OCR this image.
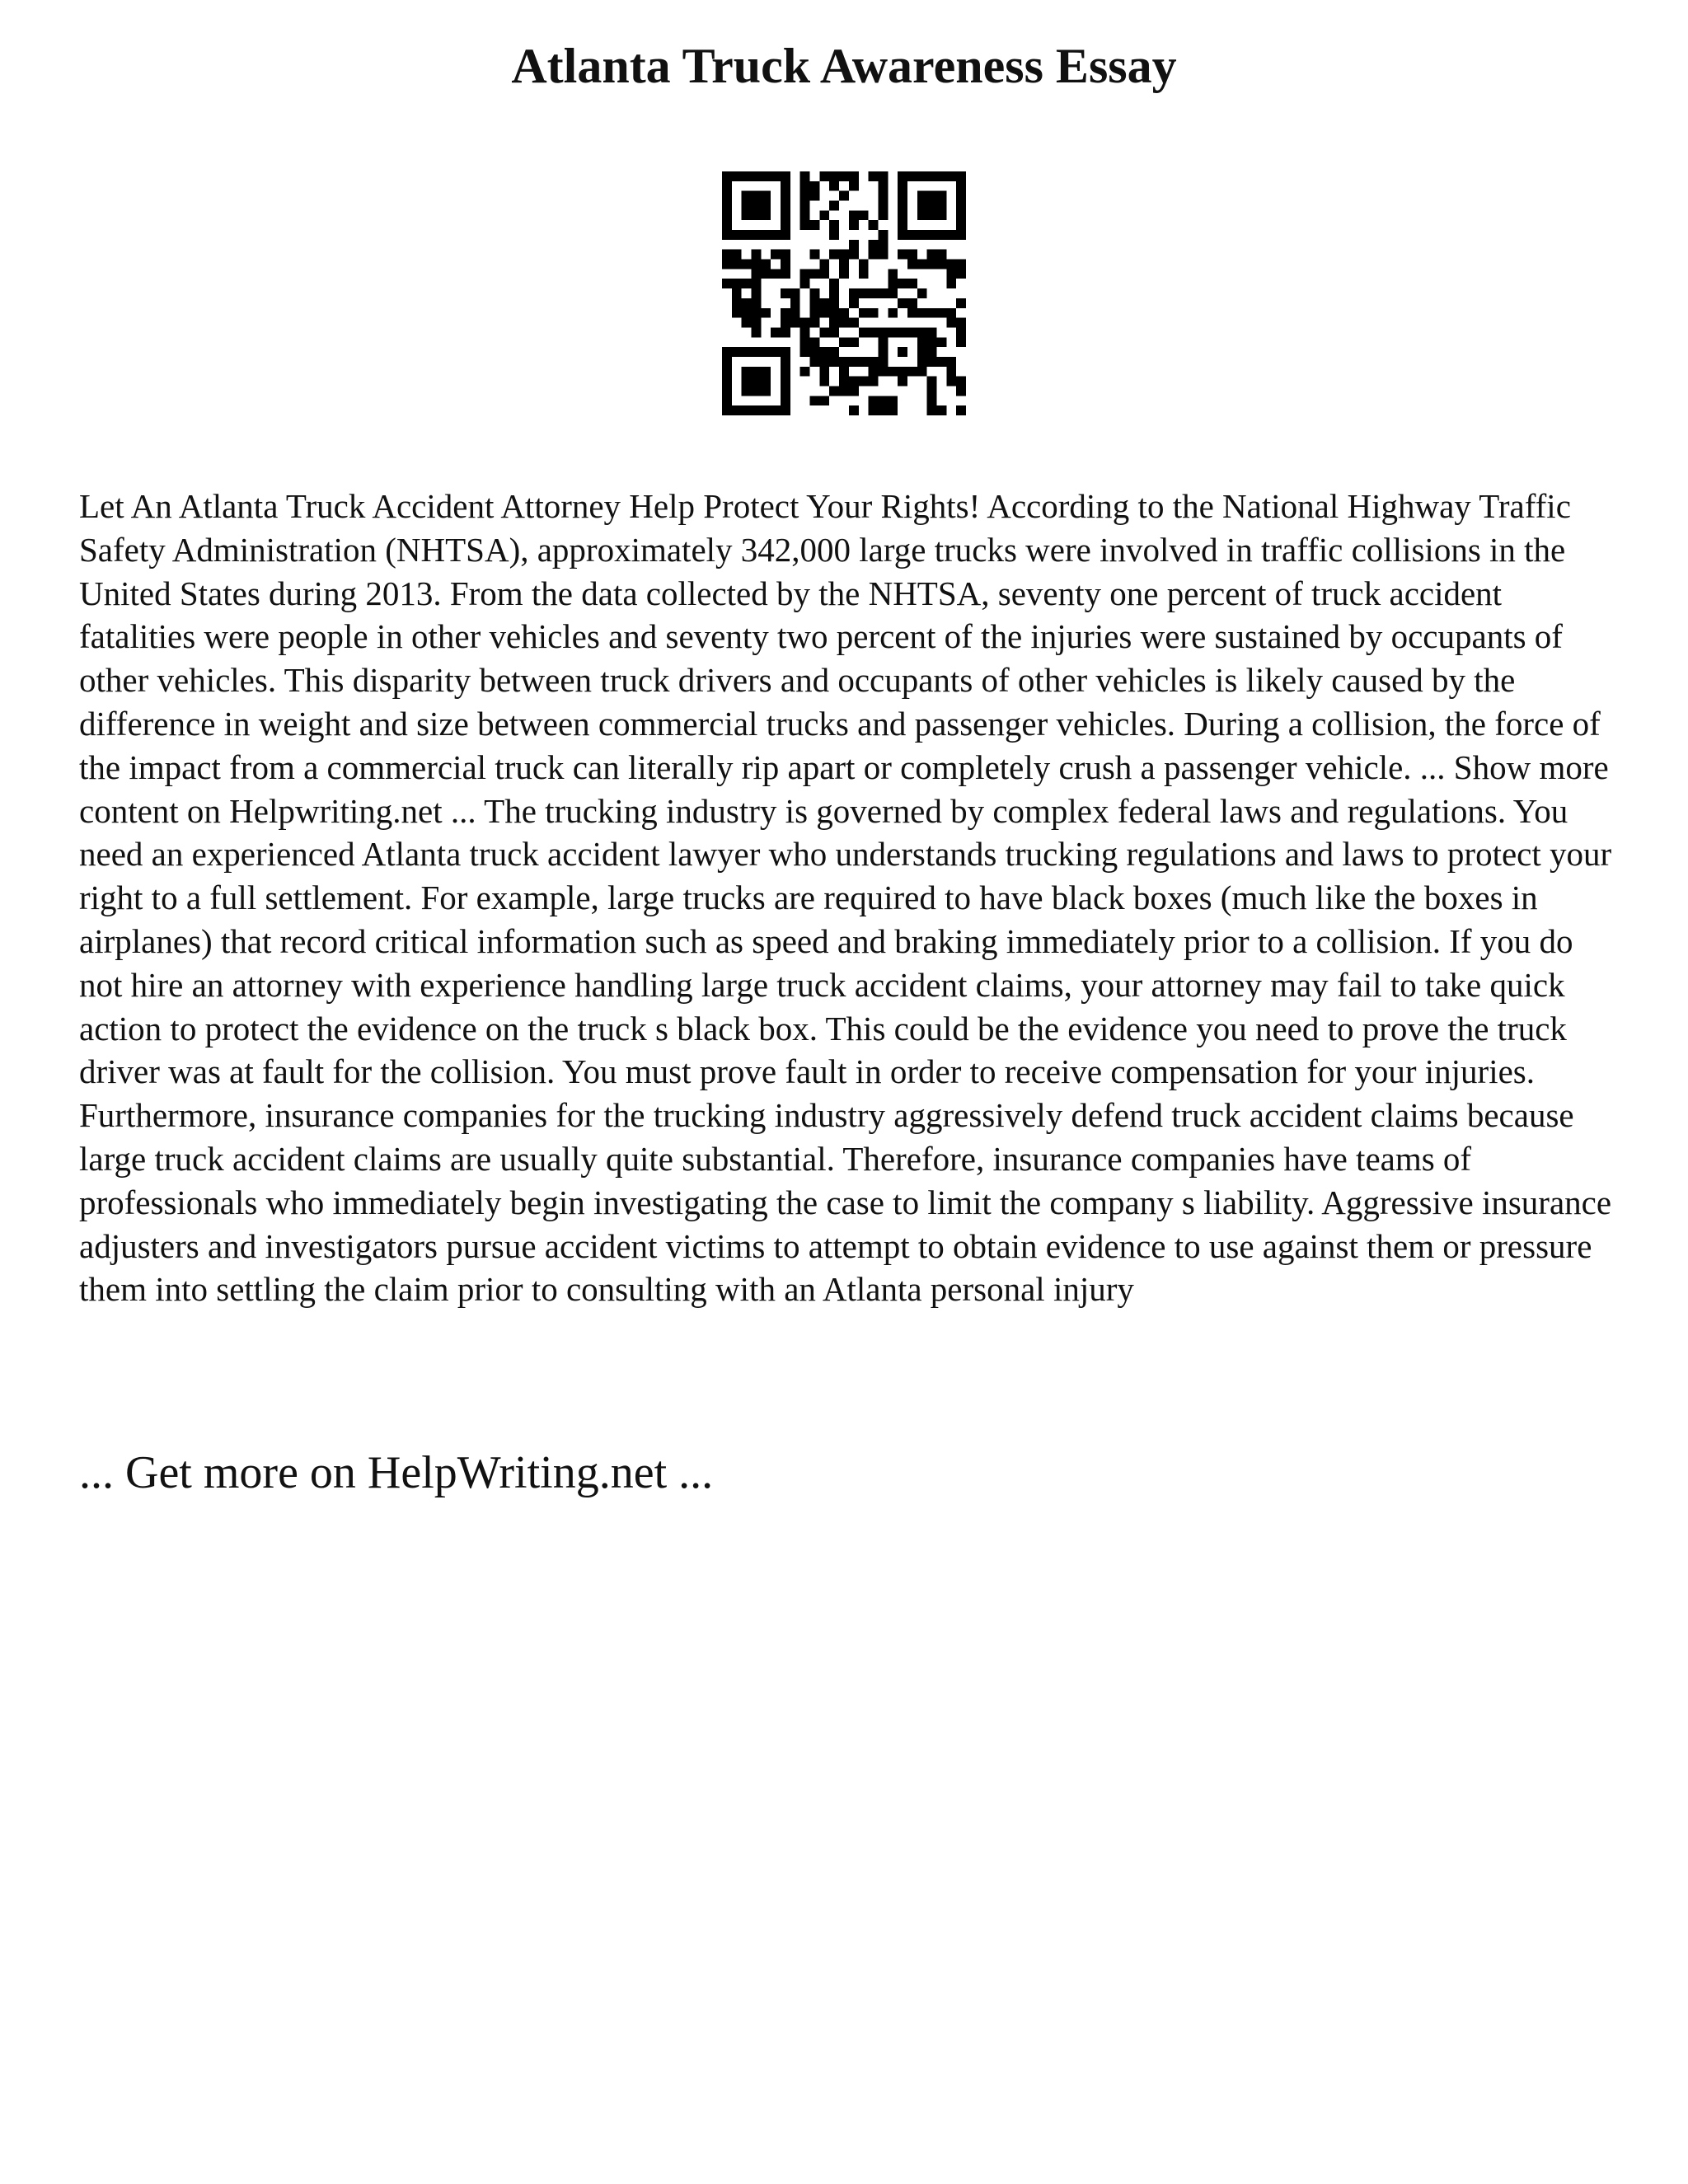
Atlanta Truck Awareness Essay

Let An Atlanta Truck Accident Attorney Help Protect Your Rights! According to the National Highway Traffic Safety Administration (NHTSA), approximately 342,000 large trucks were involved in traffic collisions in the United States during 2013. From the data collected by the NHTSA, seventy one percent of truck accident fatalities were people in other vehicles and seventy two percent of the injuries were sustained by occupants of other vehicles. This disparity between truck drivers and occupants of other vehicles is likely caused by the difference in weight and size between commercial trucks and passenger vehicles. During a collision, the force of the impact from a commercial truck can literally rip apart or completely crush a passenger vehicle. ... Show more content on Helpwriting.net ... The trucking industry is governed by complex federal laws and regulations. You need an experienced Atlanta truck accident lawyer who understands trucking regulations and laws to protect your right to a full settlement. For example, large trucks are required to have black boxes (much like the boxes in airplanes) that record critical information such as speed and braking immediately prior to a collision. If you do not hire an attorney with experience handling large truck accident claims, your attorney may fail to take quick action to protect the evidence on the truck s black box. This could be the evidence you need to prove the truck driver was at fault for the collision. You must prove fault in order to receive compensation for your injuries. Furthermore, insurance companies for the trucking industry aggressively defend truck accident claims because large truck accident claims are usually quite substantial. Therefore, insurance companies have teams of professionals who immediately begin investigating the case to limit the company s liability. Aggressive insurance adjusters and investigators pursue accident victims to attempt to obtain evidence to use against them or pressure them into settling the claim prior to consulting with an Atlanta personal injury

... Get more on HelpWriting.net ...
